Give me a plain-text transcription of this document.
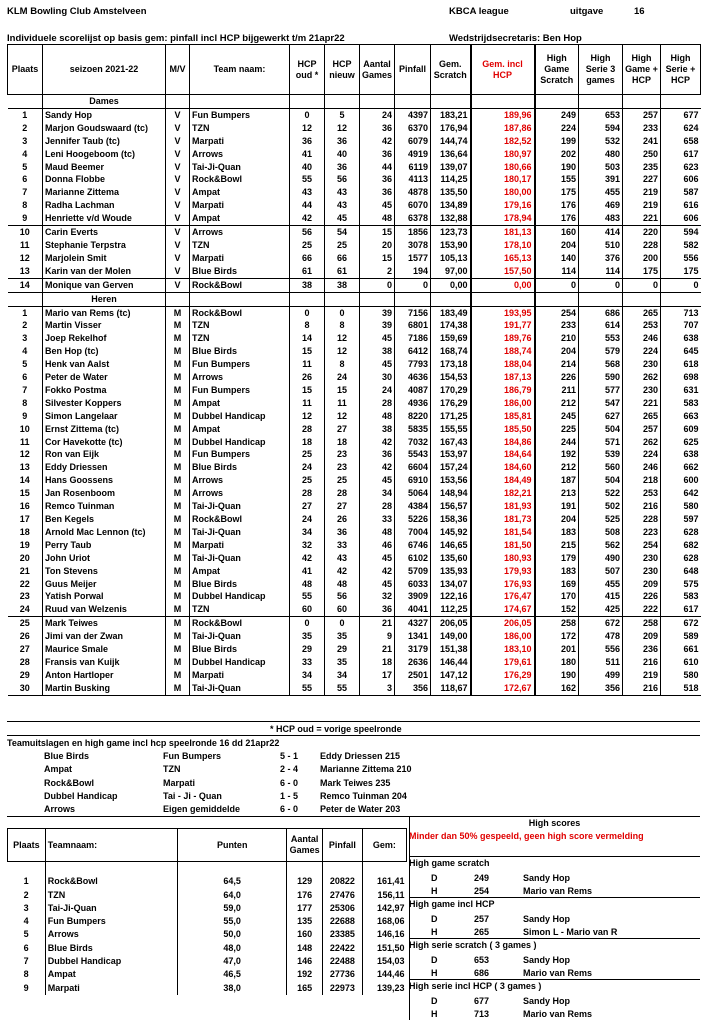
KLM Bowling Club Amstelveen	KBCA league	uitgave	16
Individuele scorelijst op basis gem: pinfall incl HCP bijgewerkt t/m 21apr22	Wedstrijdsecretaris: Ben Hop
Plaats	seizoen 2021-22	M/V	Team naam:	HCP oud *	HCP nieuw	Aantal Games	Pinfall	Gem. Scratch	Gem. incl HCP	High Game Scratch	High Serie 3 games	High Game + HCP	High Serie + HCP
	Dames												
1	Sandy Hop	V	Fun Bumpers	0	5	24	4397	183,21	189,96	249	653	257	677
2	Marjon Goudswaard (tc)	V	TZN	12	12	36	6370	176,94	187,86	224	594	233	624
3	Jennifer Taub (tc)	V	Marpati	36	36	42	6079	144,74	182,52	199	532	241	658
4	Leni Hoogeboom (tc)	V	Arrows	41	40	36	4919	136,64	180,97	202	480	250	617
5	Maud Beemer	V	Tai-Ji-Quan	40	36	44	6119	139,07	180,66	190	503	235	623
6	Donna Flobbe	V	Rock&Bowl	55	56	36	4113	114,25	180,17	155	391	227	606
7	Marianne Zittema	V	Ampat	43	43	36	4878	135,50	180,00	175	455	219	587
8	Radha Lachman	V	Marpati	44	43	45	6070	134,89	179,16	176	469	219	616
9	Henriette v/d Woude	V	Ampat	42	45	48	6378	132,88	178,94	176	483	221	606
10	Carin Everts	V	Arrows	56	54	15	1856	123,73	181,13	160	414	220	594
11	Stephanie Terpstra	V	TZN	25	25	20	3078	153,90	178,10	204	510	228	582
12	Marjolein Smit	V	Marpati	66	66	15	1577	105,13	165,13	140	376	200	556
13	Karin van der Molen	V	Blue Birds	61	61	2	194	97,00	157,50	114	114	175	175
14	Monique van Gerven	V	Rock&Bowl	38	38	0	0	0,00	0,00	0	0	0	0
	Heren												
1	Mario van Rems (tc)	M	Rock&Bowl	0	0	39	7156	183,49	193,95	254	686	265	713
2	Martin Visser	M	TZN	8	8	39	6801	174,38	191,77	233	614	253	707
3	Joep Rekelhof	M	TZN	14	12	45	7186	159,69	189,76	210	553	246	638
4	Ben Hop (tc)	M	Blue Birds	15	12	38	6412	168,74	188,74	204	579	224	645
5	Henk van Aalst	M	Fun Bumpers	11	8	45	7793	173,18	188,04	214	568	230	618
6	Peter de Water	M	Arrows	26	24	30	4636	154,53	187,13	226	590	262	698
7	Fokko Postma	M	Fun Bumpers	15	15	24	4087	170,29	186,79	211	577	230	631
8	Silvester Koppers	M	Ampat	11	11	28	4936	176,29	186,00	212	547	221	583
9	Simon Langelaar	M	Dubbel Handicap	12	12	48	8220	171,25	185,81	245	627	265	663
10	Ernst Zittema (tc)	M	Ampat	28	27	38	5835	155,55	185,50	225	504	257	609
11	Cor Havekotte (tc)	M	Dubbel Handicap	18	18	42	7032	167,43	184,86	244	571	262	625
12	Ron van Eijk	M	Fun Bumpers	25	23	36	5543	153,97	184,64	192	539	224	638
13	Eddy Driessen	M	Blue Birds	24	23	42	6604	157,24	184,60	212	560	246	662
14	Hans Goossens	M	Arrows	25	25	45	6910	153,56	184,49	187	504	218	600
15	Jan Rosenboom	M	Arrows	28	28	34	5064	148,94	182,21	213	522	253	642
16	Remco Tuinman	M	Tai-Ji-Quan	27	27	28	4384	156,57	181,93	191	502	216	580
17	Ben Kegels	M	Rock&Bowl	24	26	33	5226	158,36	181,73	204	525	228	597
18	Arnold Mac Lennon (tc)	M	Tai-Ji-Quan	34	36	48	7004	145,92	181,54	183	508	223	628
19	Perry Taub	M	Marpati	32	33	46	6746	146,65	181,50	215	562	254	682
20	John Uriot	M	Tai-Ji-Quan	42	43	45	6102	135,60	180,93	179	490	230	628
21	Ton Stevens	M	Ampat	41	42	42	5709	135,93	179,93	183	507	230	648
22	Guus Meijer	M	Blue Birds	48	48	45	6033	134,07	176,93	169	455	209	575
23	Yatish Porwal	M	Dubbel Handicap	55	56	32	3909	122,16	176,47	170	415	226	583
24	Ruud van Welzenis	M	TZN	60	60	36	4041	112,25	174,67	152	425	222	617
25	Mark Teiwes	M	Rock&Bowl	0	0	21	4327	206,05	206,05	258	672	258	672
26	Jimi van der Zwan	M	Tai-Ji-Quan	35	35	9	1341	149,00	186,00	172	478	209	589
27	Maurice Smale	M	Blue Birds	29	29	21	3179	151,38	183,10	201	556	236	661
28	Fransis van Kuijk	M	Dubbel Handicap	33	35	18	2636	146,44	179,61	180	511	216	610
29	Anton Hartloper	M	Marpati	34	34	17	2501	147,12	176,29	190	499	219	580
30	Martin Busking	M	Tai-Ji-Quan	55	55	3	356	118,67	172,67	162	356	216	518
* HCP oud = vorige speelronde
Teamuitslagen en high game incl hcp speelronde 16 dd 21apr22
Blue Birds	Fun Bumpers	5 - 1 Eddy Driessen 215
Ampat	TZN	2 - 4 Marianne Zittema 210
Rock&Bowl	Marpati	6 - 0 Mark Teiwes 235
Dubbel Handicap	Tai - Ji - Quan	1 - 5 Remco Tuinman 204
Arrows	Eigen gemiddelde	6 - 0 Peter de Water 203
Plaats	Teamnaam:	Punten	Aantal Games	Pinfall	Gem:

1	Rock&Bowl	64,5	129	20822	161,41
2	TZN	64,0	176	27476	156,11
3	Tai-Ji-Quan	59,0	177	25306	142,97
4	Fun Bumpers	55,0	135	22688	168,06
5	Arrows	50,0	160	23385	146,16
6	Blue Birds	48,0	148	22422	151,50
7	Dubbel Handicap	47,0	146	22488	154,03
8	Ampat	46,5	192	27736	144,46
9	Marpati	38,0	165	22973	139,23
High scores
Minder dan 50% gespeeld, geen high score vermelding
High game scratch
D	249	Sandy Hop
H	254	Mario van Rems
High game incl HCP
D	257	Sandy Hop
H	265	Simon L - Mario van R
High serie scratch ( 3 games )
D	653	Sandy Hop
H	686	Mario van Rems
High serie incl HCP ( 3 games )
D	677	Sandy Hop
H	713	Mario van Rems
